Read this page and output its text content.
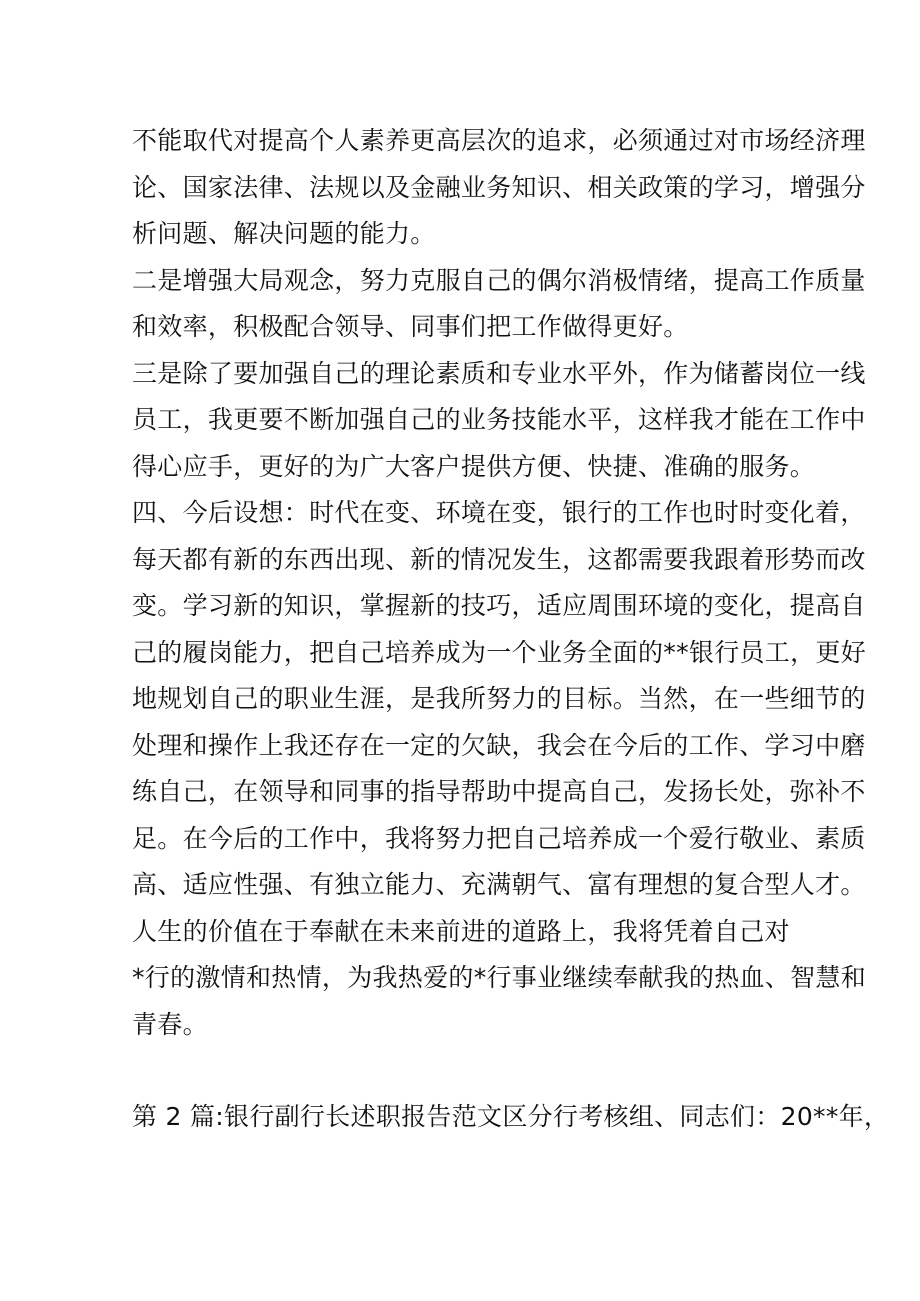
不能取代对提高个人素养更高层次的追求，必须通过对市场经济理
论、国家法律、法规以及金融业务知识、相关政策的学习，增强分
析问题、解决问题的能力。
二是增强大局观念，努力克服自己的偶尔消极情绪，提高工作质量
和效率，积极配合领导、同事们把工作做得更好。
三是除了要加强自己的理论素质和专业水平外，作为储蓄岗位一线
员工，我更要不断加强自己的业务技能水平，这样我才能在工作中
得心应手，更好的为广大客户提供方便、快捷、准确的服务。
四、今后设想：时代在变、环境在变，银行的工作也时时变化着，
每天都有新的东西出现、新的情况发生，这都需要我跟着形势而改
变。学习新的知识，掌握新的技巧，适应周围环境的变化，提高自
己的履岗能力，把自己培养成为一个业务全面的**银行员工，更好
地规划自己的职业生涯，是我所努力的目标。当然，在一些细节的
处理和操作上我还存在一定的欠缺，我会在今后的工作、学习中磨
练自己，在领导和同事的指导帮助中提高自己，发扬长处，弥补不
足。在今后的工作中，我将努力把自己培养成一个爱行敬业、素质
高、适应性强、有独立能力、充满朝气、富有理想的复合型人才。
人生的价值在于奉献在未来前进的道路上，我将凭着自己对
*行的激情和热情，为我热爱的*行事业继续奉献我的热血、智慧和
青春。
第 2 篇:银行副行长述职报告范文区分行考核组、同志们：20**年，
